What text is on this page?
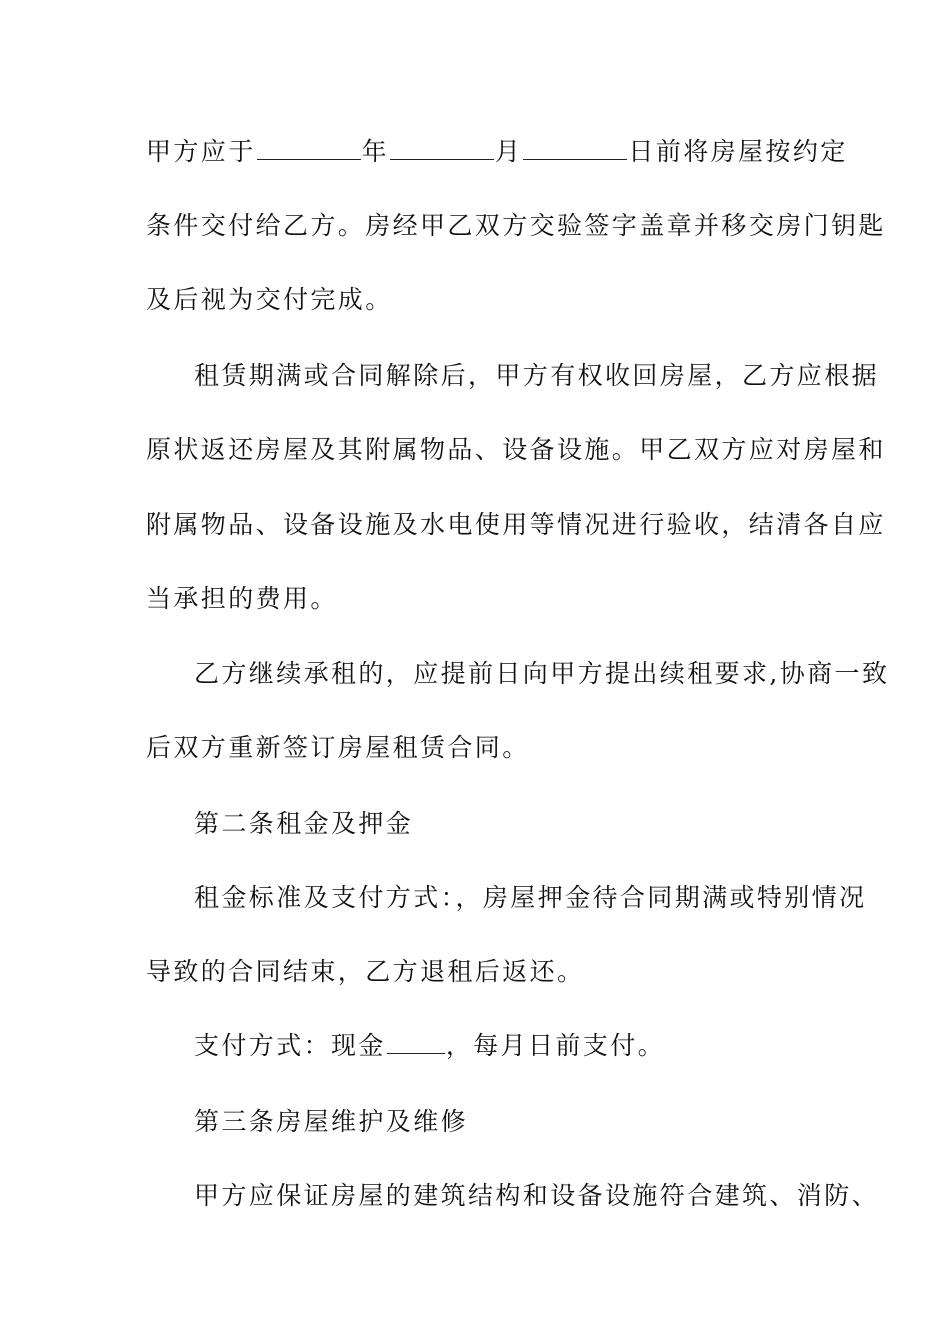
甲方应于	年	月	日前将房屋按约定
条件交付给乙方。房经甲乙双方交验签字盖章并移交房门钥匙
及后视为交付完成。
租赁期满或合同解除后，甲方有权收回房屋，乙方应根据
原状返还房屋及其附属物品、设备设施。甲乙双方应对房屋和
附属物品、设备设施及水电使用等情况进行验收，结清各自应
当承担的费用。
乙方继续承租的，应提前日向甲方提出续租要求,协商一致
后双方重新签订房屋租赁合同。
第二条租金及押金
租金标准及支付方式：，房屋押金待合同期满或特别情况
导致的合同结束，乙方退租后返还。
支付方式：现金 ，每月日前支付。
第三条房屋维护及维修
甲方应保证房屋的建筑结构和设备设施符合建筑、消防、
